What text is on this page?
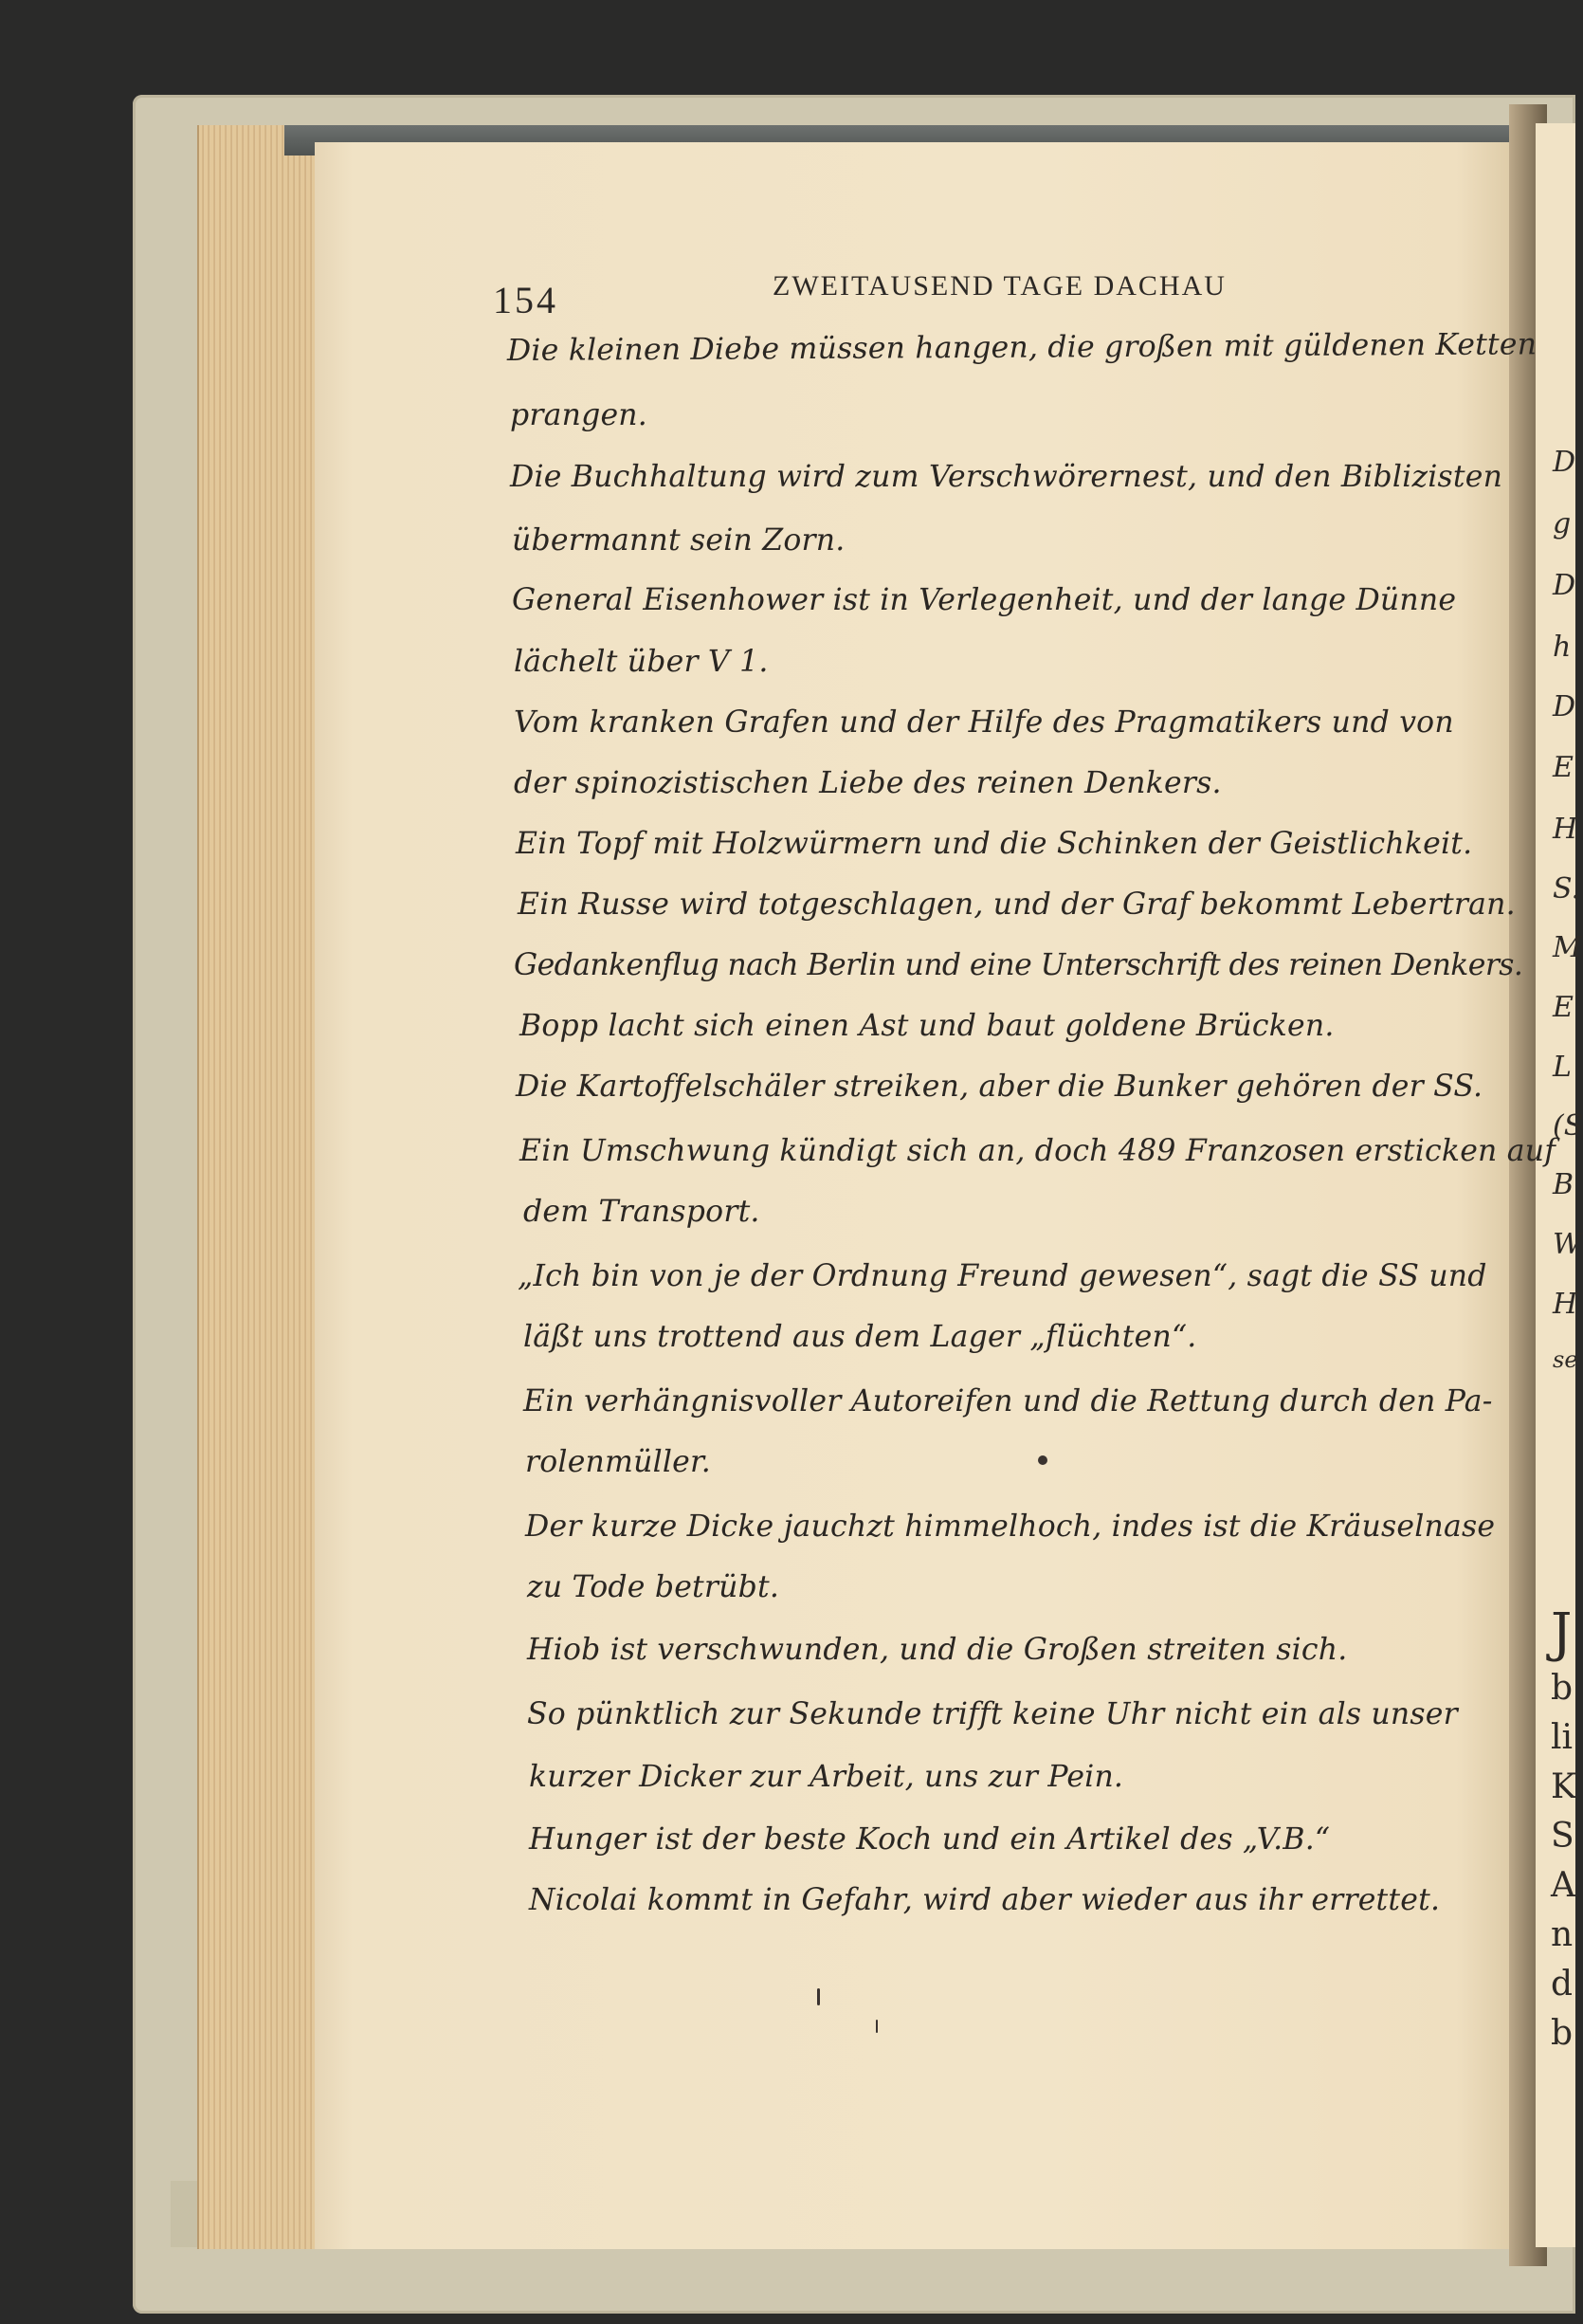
D
g
D
h
D
E
H
S.
M
E
L
(S
B
W
H
se
J
b
li
K
S
A
n
d
b
154	ZWEITAUSEND TAGE DACHAU
Die kleinen Diebe müssen hangen, die großen mit güldenen Ketten
prangen.
Die Buchhaltung wird zum Verschwörernest, und den Biblizisten
übermannt sein Zorn.
General Eisenhower ist in Verlegenheit, und der lange Dünne
lächelt über V 1.
Vom kranken Grafen und der Hilfe des Pragmatikers und von
der spinozistischen Liebe des reinen Denkers.
Ein Topf mit Holzwürmern und die Schinken der Geistlichkeit.
Ein Russe wird totgeschlagen, und der Graf bekommt Lebertran.
Gedankenflug nach Berlin und eine Unterschrift des reinen Denkers.
Bopp lacht sich einen Ast und baut goldene Brücken.
Die Kartoffelschäler streiken, aber die Bunker gehören der SS.
Ein Umschwung kündigt sich an, doch 489 Franzosen ersticken auf
dem Transport.
„Ich bin von je der Ordnung Freund gewesen“, sagt die SS und
läßt uns trottend aus dem Lager „flüchten“.
Ein verhängnisvoller Autoreifen und die Rettung durch den Pa-
rolenmüller.
Der kurze Dicke jauchzt himmelhoch, indes ist die Kräuselnase
zu Tode betrübt.
Hiob ist verschwunden, und die Großen streiten sich.
So pünktlich zur Sekunde trifft keine Uhr nicht ein als unser
kurzer Dicker zur Arbeit, uns zur Pein.
Hunger ist der beste Koch und ein Artikel des „V.B.“
Nicolai kommt in Gefahr, wird aber wieder aus ihr errettet.
